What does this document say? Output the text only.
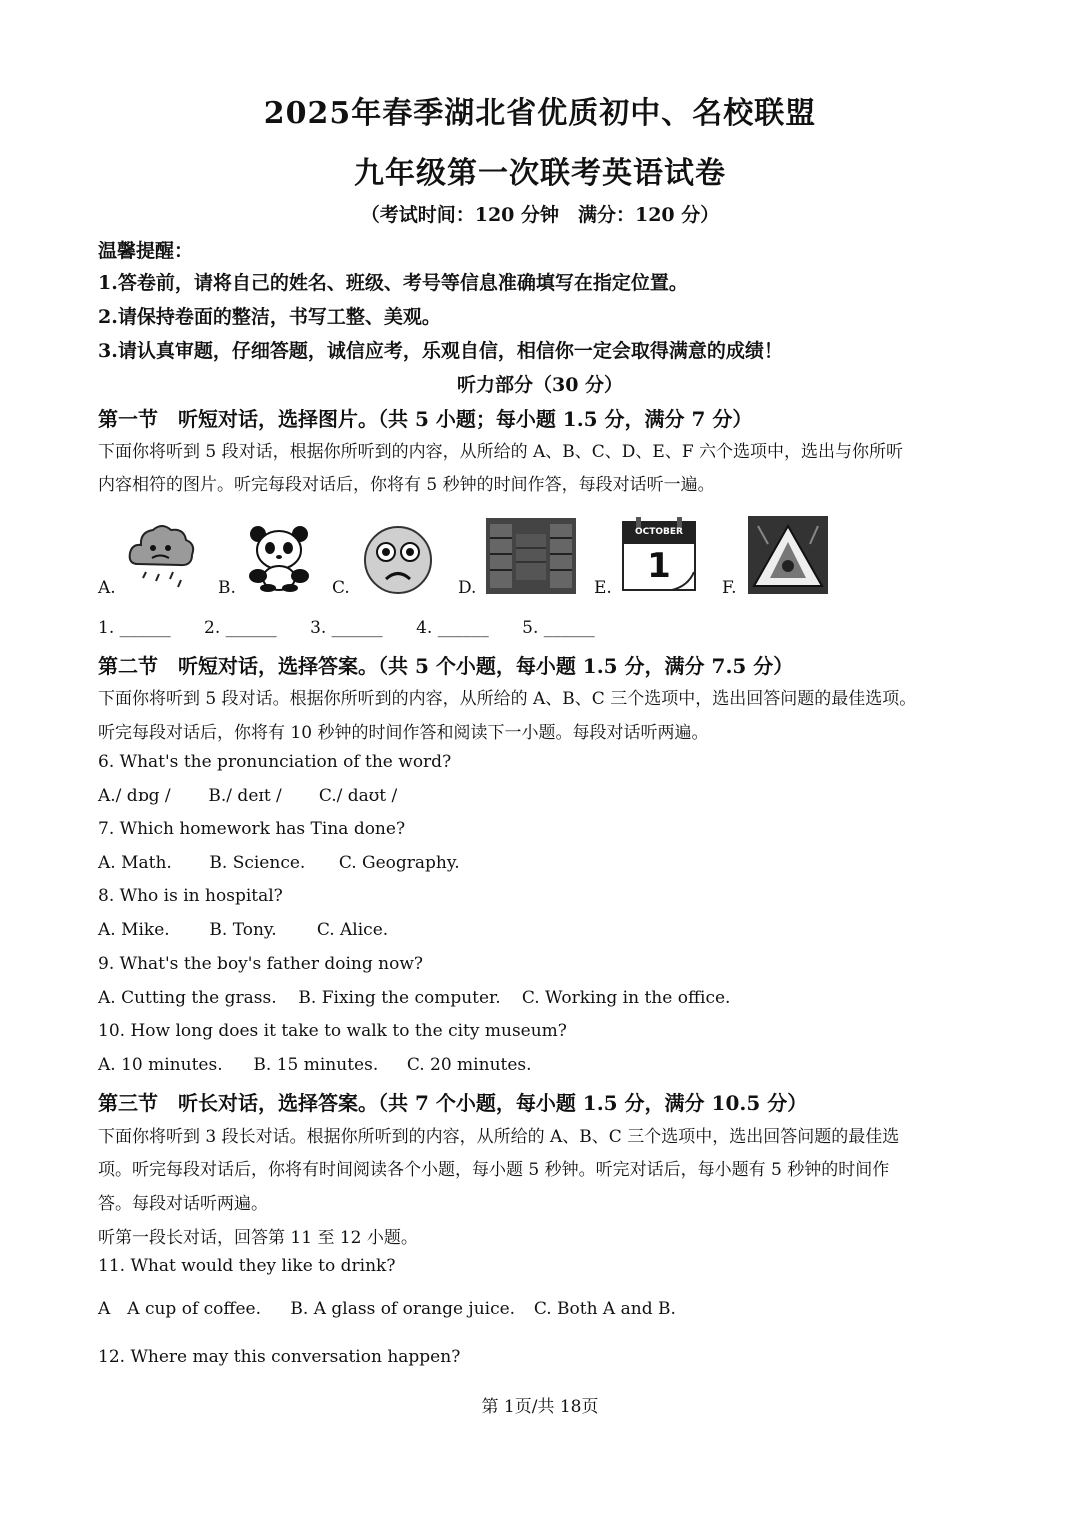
2025年春季湖北省优质初中、名校联盟
九年级第一次联考英语试卷
（考试时间：120 分钟　满分：120 分）
温馨提醒：
1.答卷前，请将自己的姓名、班级、考号等信息准确填写在指定位置。
2.请保持卷面的整洁，书写工整、美观。
3.请认真审题，仔细答题，诚信应考，乐观自信，相信你一定会取得满意的成绩！
听力部分（30 分）
第一节　听短对话，选择图片。（共 5 小题；每小题 1.5 分，满分 7 分）
下面你将听到 5 段对话，根据你所听到的内容，从所给的 A、B、C、D、E、F 六个选项中，选出与你所听
内容相符的图片。听完每段对话后，你将有 5 秒钟的时间作答，每段对话听一遍。
A.	B.	C.	D.	E.
OCTOBER
1
F.
1. ______ 2. ______ 3. ______ 4. ______ 5. ______
第二节　听短对话，选择答案。（共 5 个小题，每小题 1.5 分，满分 7.5 分）
下面你将听到 5 段对话。根据你所听到的内容，从所给的 A、B、C 三个选项中，选出回答问题的最佳选项。
听完每段对话后，你将有 10 秒钟的时间作答和阅读下一小题。每段对话听两遍。
6. What's the pronunciation of the word?
A./ dɒg / B./ deɪt / C./ daʊt /
7. Which homework has Tina done?
A. Math. B. Science. C. Geography.
8. Who is in hospital?
A. Mike. B. Tony. C. Alice.
9. What's the boy's father doing now?
A. Cutting the grass. B. Fixing the computer. C. Working in the office.
10. How long does it take to walk to the city museum?
A. 10 minutes. B. 15 minutes. C. 20 minutes.
第三节　听长对话，选择答案。（共 7 个小题，每小题 1.5 分，满分 10.5 分）
下面你将听到 3 段长对话。根据你所听到的内容，从所给的 A、B、C 三个选项中，选出回答问题的最佳选
项。听完每段对话后，你将有时间阅读各个小题，每小题 5 秒钟。听完对话后，每小题有 5 秒钟的时间作
答。每段对话听两遍。
听第一段长对话，回答第 11 至 12 小题。
11. What would they like to drink?
A　A cup of coffee. B. A glass of orange juice. C. Both A and B.
12. Where may this conversation happen?
第 1页/共 18页
